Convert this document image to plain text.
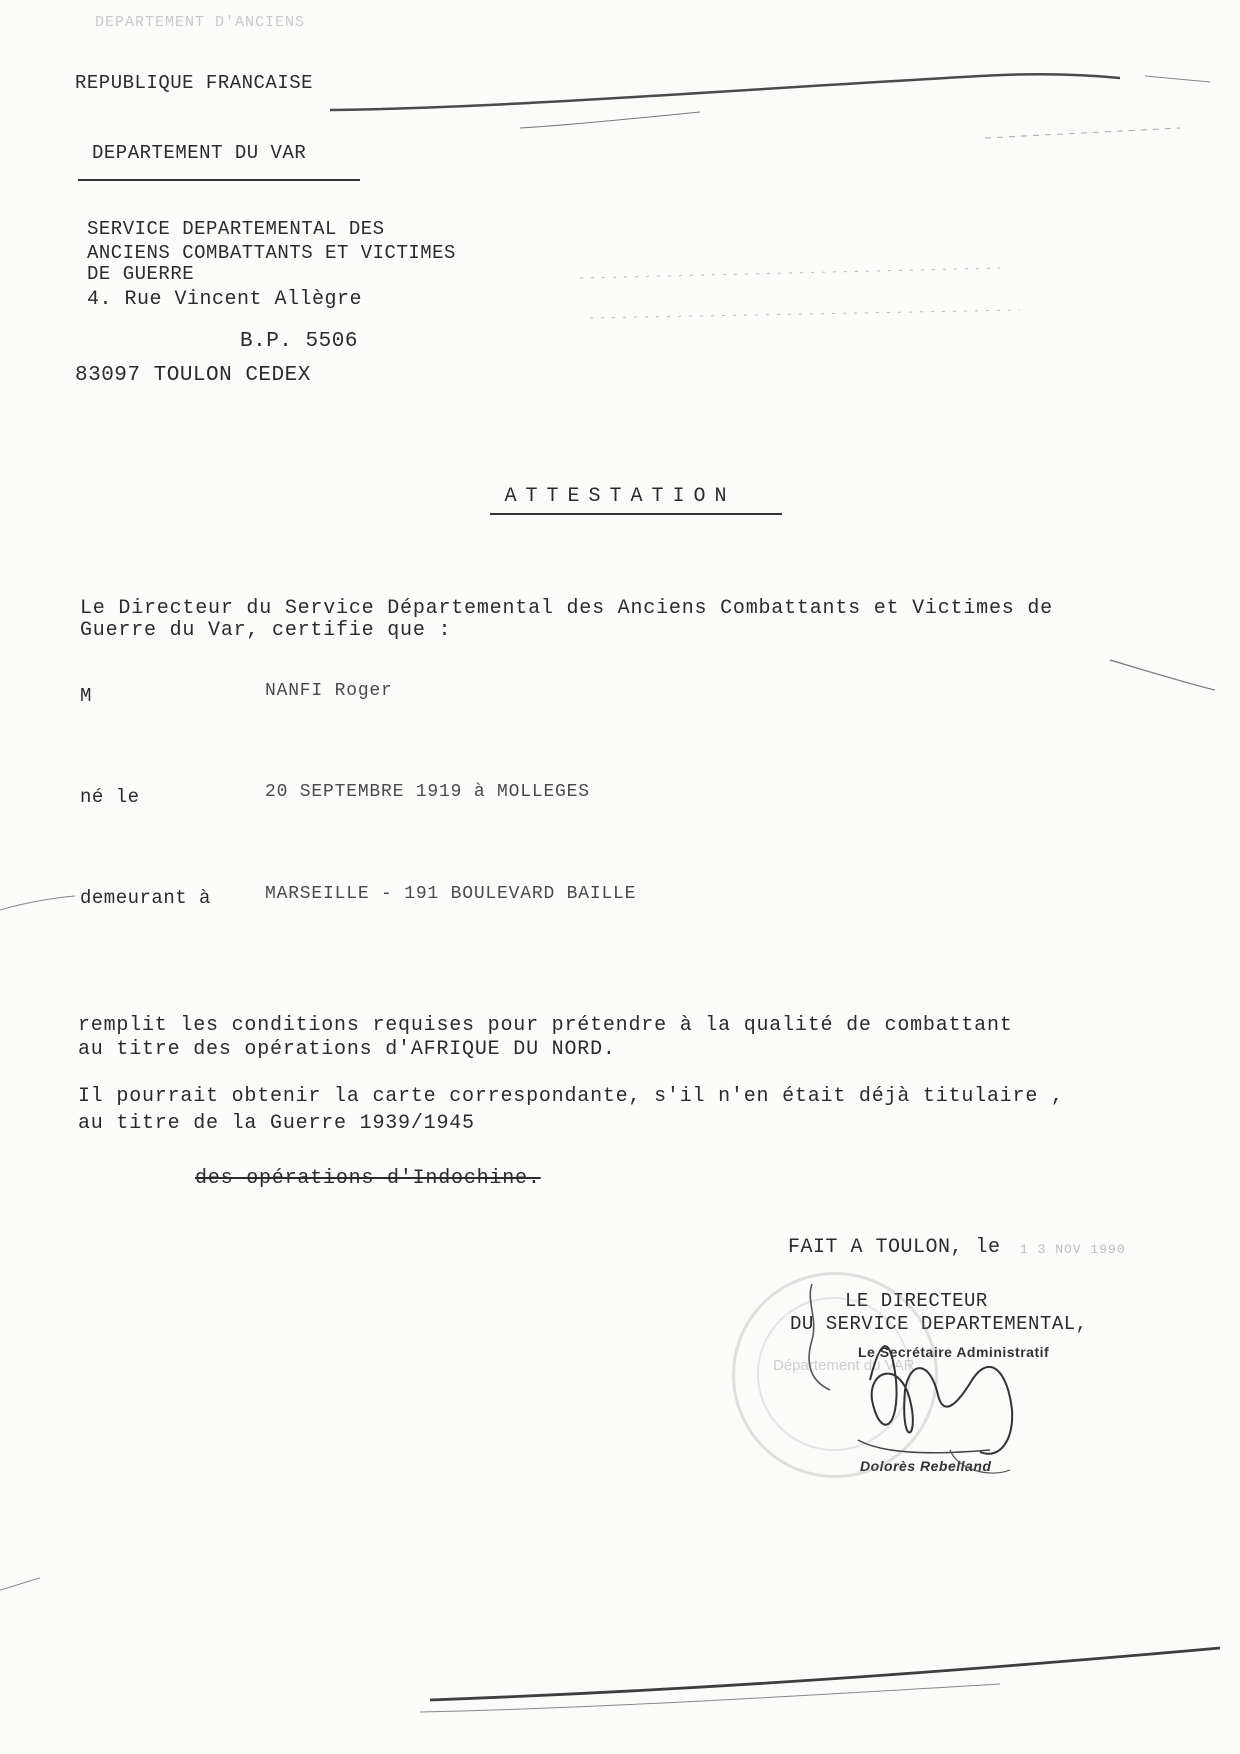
DEPARTEMENT D'ANCIENS
REPUBLIQUE FRANCAISE
DEPARTEMENT DU VAR
SERVICE DEPARTEMENTAL DES
ANCIENS COMBATTANTS ET VICTIMES
DE GUERRE
4. Rue Vincent Allègre
B.P. 5506
83097 TOULON CEDEX
ATTESTATION
Le Directeur du Service Départemental des Anciens Combattants et Victimes de
Guerre du Var, certifie que :
M	NANFI Roger
né le	20 SEPTEMBRE 1919 à MOLLEGES
demeurant à	MARSEILLE - 191 BOULEVARD BAILLE
remplit les conditions requises pour prétendre à la qualité de combattant
au titre des opérations d'AFRIQUE DU NORD.
Il pourrait obtenir la carte correspondante, s'il n'en était déjà titulaire ,
au titre de la Guerre 1939/1945
des opérations d'Indochine.
FAIT A TOULON, le 1 3 NOV 1990
LE DIRECTEUR
DU SERVICE DEPARTEMENTAL,
Le Secrétaire Administratif
Dolorès Rebelland
Département du VAR
